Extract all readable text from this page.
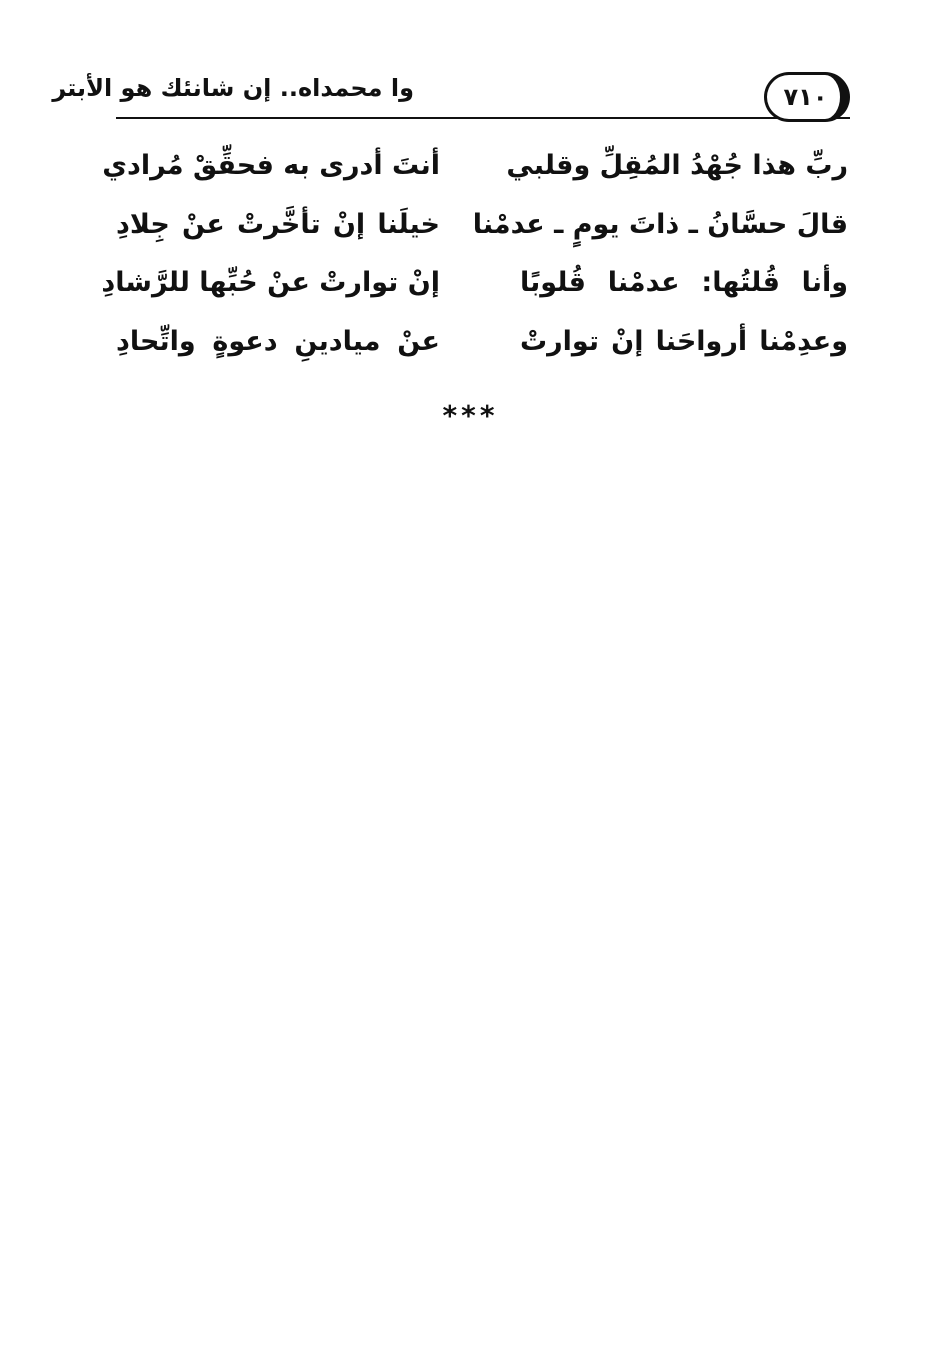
وا محمداه.. إن شانئك هو الأبتر	٧١٠
ربِّ هذا جُهْدُ المُقِلِّ وقلبي
أنتَ أدرى به فحقِّقْ مُرادي
قالَ حسَّانُ ـ ذاتَ يومٍ ـ عدمْنا
خيلَنا إنْ تأخَّرتْ عنْ جِلادِ
وأنا قُلتُها: عدمْنا قُلوبًا
إنْ توارتْ عنْ حُبِّها للرَّشادِ
وعدِمْنا أرواحَنا إنْ توارتْ
عنْ ميادينِ دعوةٍ واتِّحادِ
***
